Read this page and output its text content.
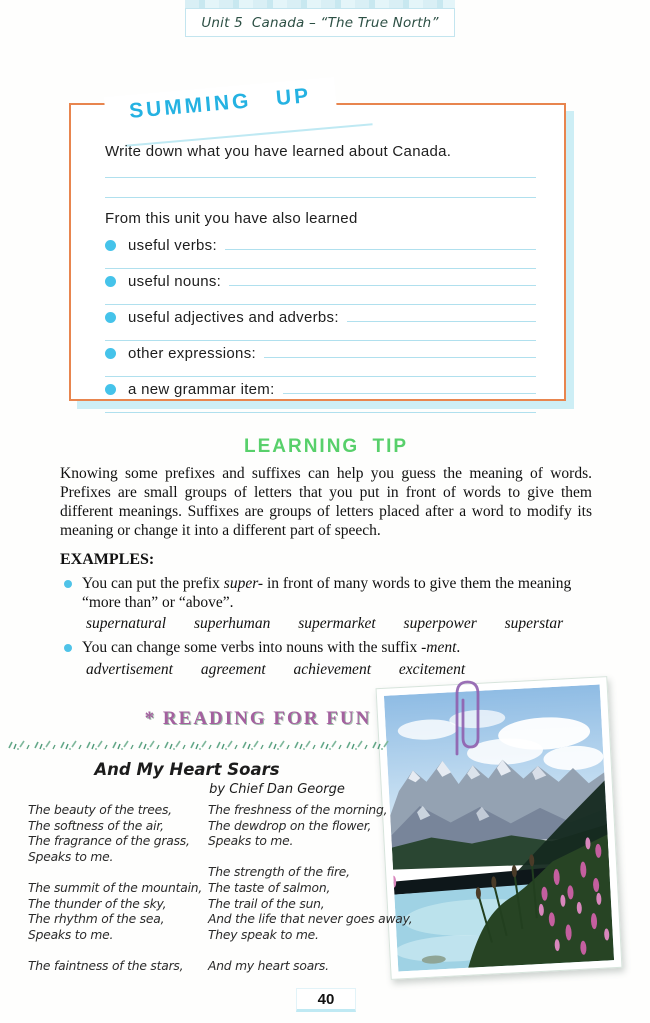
Unit 5  Canada – “The True North”
SUMMING UP
Write down what you have learned about Canada.
From this unit you have also learned
useful verbs:
useful nouns:
useful adjectives and adverbs:
other expressions:
a new grammar item:
LEARNING TIP
Knowing some prefixes and suffixes can help you guess the meaning of words. Prefixes are small groups of letters that you put in front of words to give them different meanings. Suffixes are groups of letters placed after a word to modify its meaning or change it into a different part of speech.
EXAMPLES:
You can put the prefix super- in front of many words to give them the meaning “more than” or “above”.
supernatural superhuman supermarket superpower superstar
You can change some verbs into nouns with the suffix -ment.
advertisement agreement achievement excitement
* READING FOR FUN
And My Heart Soars
by Chief Dan George
The beauty of the trees,
The softness of the air,
The fragrance of the grass,
Speaks to me.
The summit of the mountain,
The thunder of the sky,
The rhythm of the sea,
Speaks to me.
The faintness of the stars,
The freshness of the morning,
The dewdrop on the flower,
Speaks to me.
The strength of the fire,
The taste of salmon,
The trail of the sun,
And the life that never goes away,
They speak to me.
And my heart soars.
40
